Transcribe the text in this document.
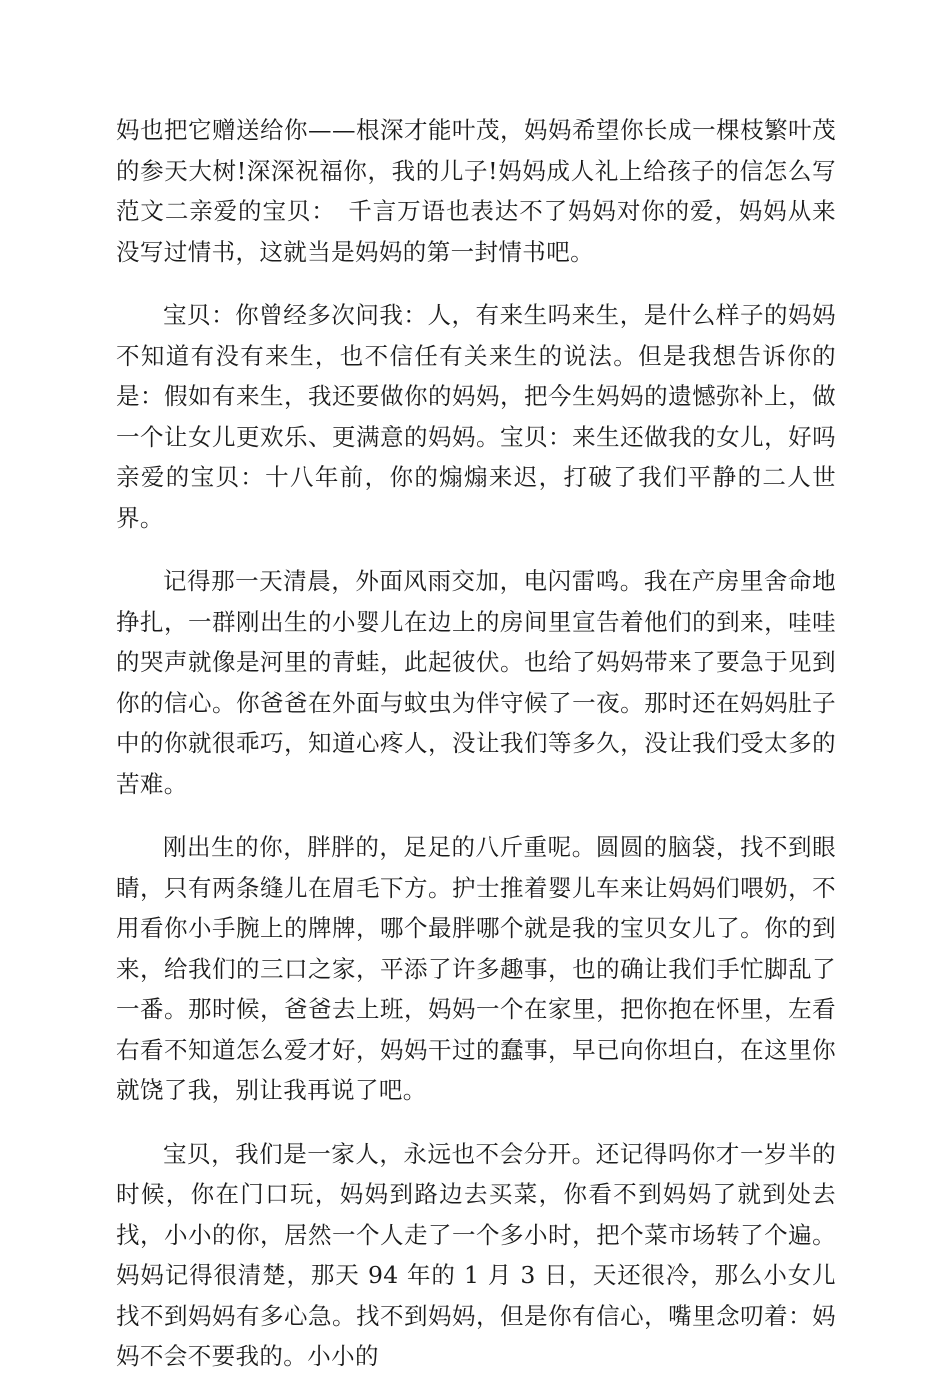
妈也把它赠送给你——根深才能叶茂，妈妈希望你长成一棵枝繁叶茂的参天大树!深深祝福你，我的儿子!妈妈成人礼上给孩子的信怎么写范文二亲爱的宝贝：　千言万语也表达不了妈妈对你的爱，妈妈从来没写过情书，这就当是妈妈的第一封情书吧。

宝贝：你曾经多次问我：人，有来生吗来生，是什么样子的妈妈不知道有没有来生，也不信任有关来生的说法。但是我想告诉你的是：假如有来生，我还要做你的妈妈，把今生妈妈的遗憾弥补上，做一个让女儿更欢乐、更满意的妈妈。宝贝：来生还做我的女儿，好吗亲爱的宝贝：十八年前，你的煽煽来迟，打破了我们平静的二人世界。

记得那一天清晨，外面风雨交加，电闪雷鸣。我在产房里舍命地挣扎，一群刚出生的小婴儿在边上的房间里宣告着他们的到来，哇哇的哭声就像是河里的青蛙，此起彼伏。也给了妈妈带来了要急于见到你的信心。你爸爸在外面与蚊虫为伴守候了一夜。那时还在妈妈肚子中的你就很乖巧，知道心疼人，没让我们等多久，没让我们受太多的苦难。

刚出生的你，胖胖的，足足的八斤重呢。圆圆的脑袋，找不到眼睛，只有两条缝儿在眉毛下方。护士推着婴儿车来让妈妈们喂奶，不用看你小手腕上的牌牌，哪个最胖哪个就是我的宝贝女儿了。你的到来，给我们的三口之家，平添了许多趣事，也的确让我们手忙脚乱了一番。那时候，爸爸去上班，妈妈一个在家里，把你抱在怀里，左看右看不知道怎么爱才好，妈妈干过的蠢事，早已向你坦白，在这里你就饶了我，别让我再说了吧。

宝贝，我们是一家人，永远也不会分开。还记得吗你才一岁半的时候，你在门口玩，妈妈到路边去买菜，你看不到妈妈了就到处去找，小小的你，居然一个人走了一个多小时，把个菜市场转了个遍。妈妈记得很清楚，那天 94 年的 1 月 3 日，天还很冷，那么小女儿找不到妈妈有多心急。找不到妈妈，但是你有信心，嘴里念叨着：妈妈不会不要我的。小小的
